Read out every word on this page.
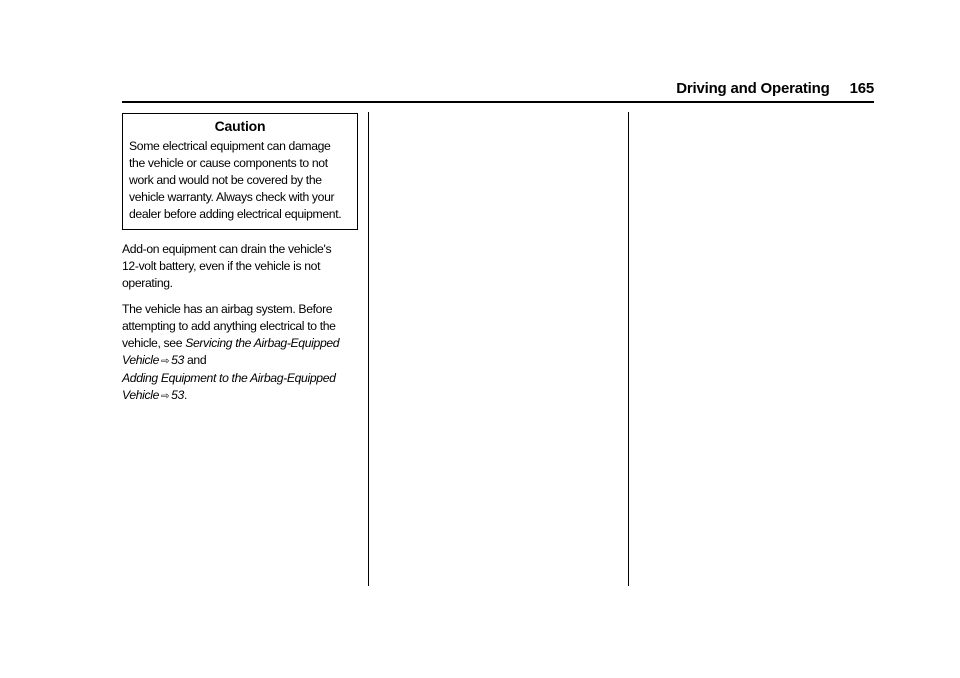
Driving and Operating 165
Caution

Some electrical equipment can damage
the vehicle or cause components to not
work and would not be covered by the
vehicle warranty. Always check with your
dealer before adding electrical equipment.

Add-on equipment can drain the vehicle's
12-volt battery, even if the vehicle is not
operating.

The vehicle has an airbag system. Before
attempting to add anything electrical to the
vehicle, see Servicing the Airbag-Equipped
Vehicle ⇨ 53 and
Adding Equipment to the Airbag-Equipped
Vehicle ⇨ 53.
